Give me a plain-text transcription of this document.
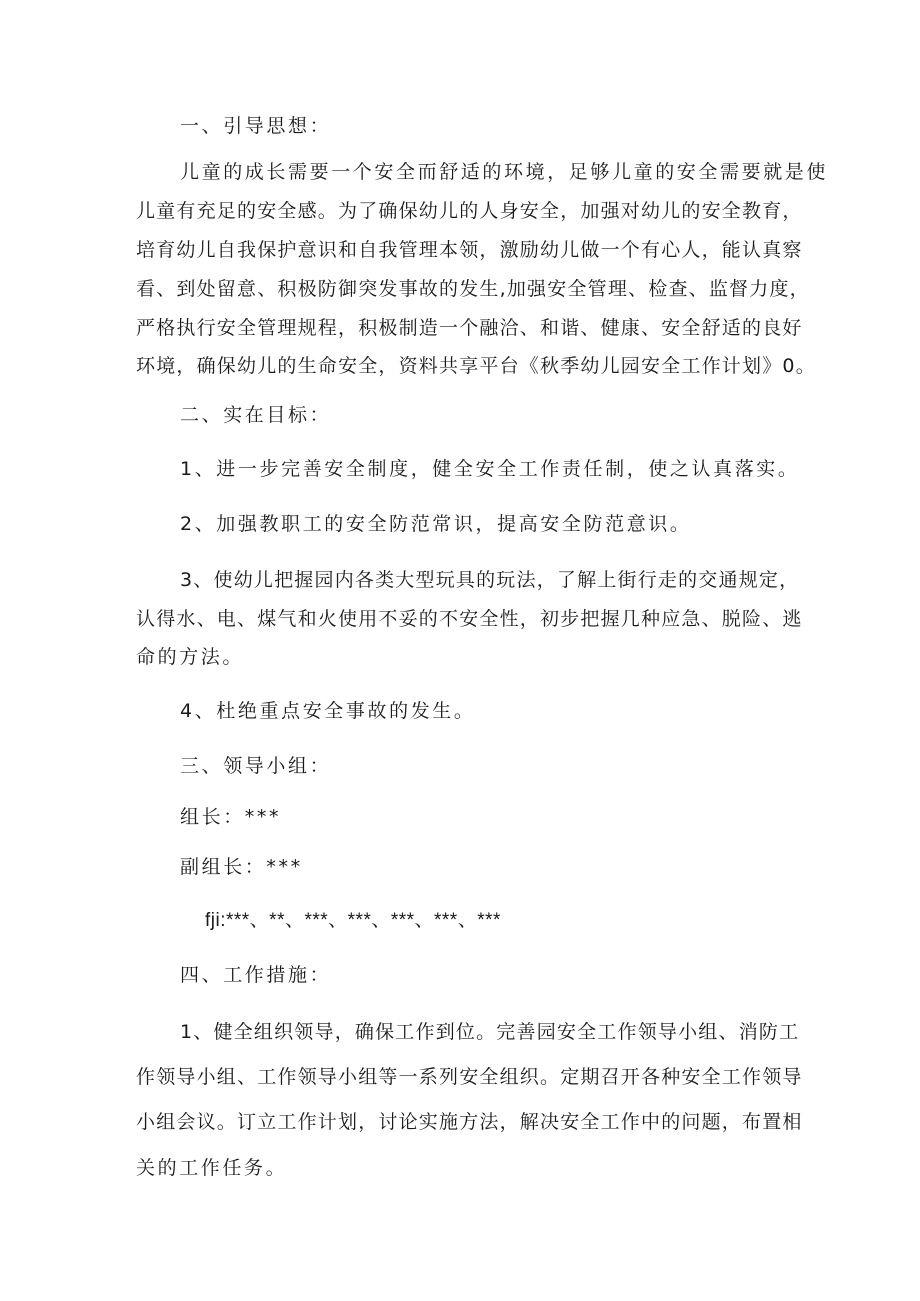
一、引导思想：
儿童的成长需要一个安全而舒适的环境，足够儿童的安全需要就是使
儿童有充足的安全感。为了确保幼儿的人身安全，加强对幼儿的安全教育，
培育幼儿自我保护意识和自我管理本领，激励幼儿做一个有心人，能认真察
看、到处留意、积极防御突发事故的发生,加强安全管理、检查、监督力度，
严格执行安全管理规程，积极制造一个融洽、和谐、健康、安全舒适的良好
环境，确保幼儿的生命安全，资料共享平台《秋季幼儿园安全工作计划》0。
二、实在目标：
1、进一步完善安全制度，健全安全工作责任制，使之认真落实。
2、加强教职工的安全防范常识，提高安全防范意识。
3、使幼儿把握园内各类大型玩具的玩法，了解上街行走的交通规定，
认得水、电、煤气和火使用不妥的不安全性，初步把握几种应急、脱险、逃
命的方法。
4、杜绝重点安全事故的发生。
三、领导小组：
组长：***
副组长：***
fji:***、**、***、***、***、***、***
四、工作措施：
1、健全组织领导，确保工作到位。完善园安全工作领导小组、消防工
作领导小组、工作领导小组等一系列安全组织。定期召开各种安全工作领导
小组会议。订立工作计划，讨论实施方法，解决安全工作中的问题，布置相
关的工作任务。
